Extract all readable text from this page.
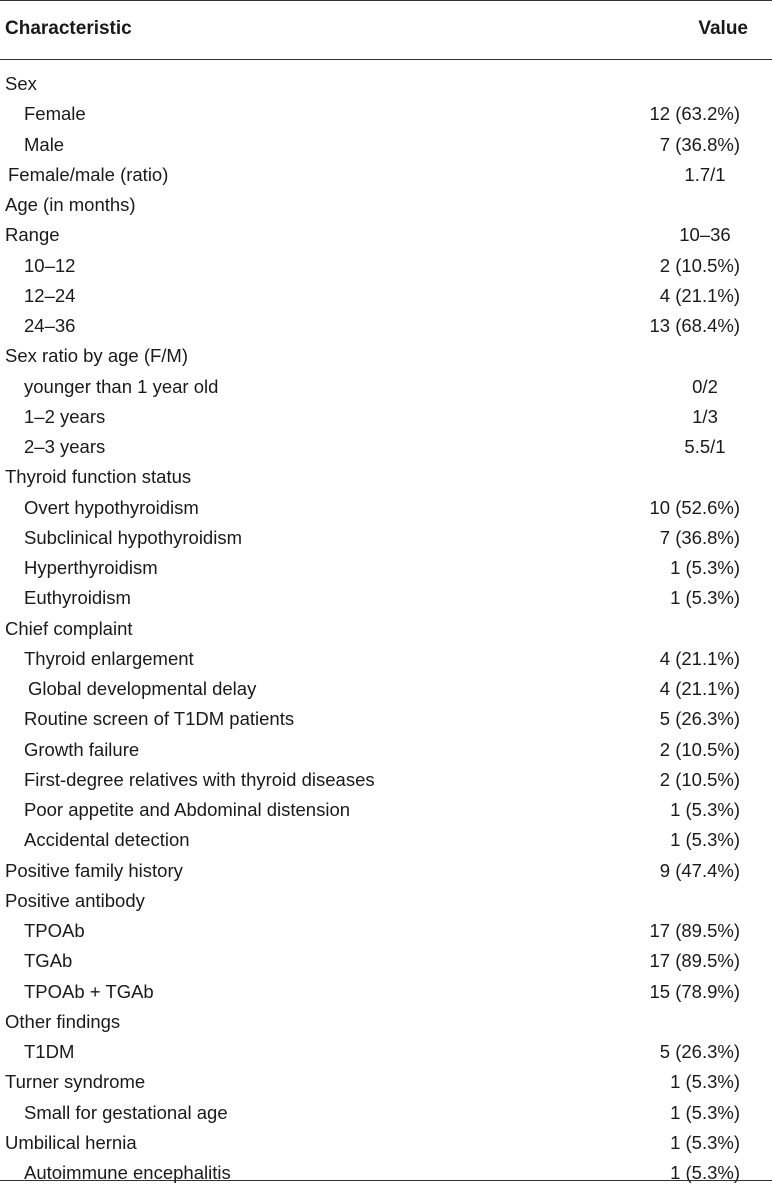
Characteristic	Value
Sex
Female	12 (63.2%)
Male	7 (36.8%)
Female/male (ratio)	1.7/1
Age (in months)
Range	10–36
10–12	2 (10.5%)
12–24	4 (21.1%)
24–36	13 (68.4%)
Sex ratio by age (F/M)
younger than 1 year old	0/2
1–2 years	1/3
2–3 years	5.5/1
Thyroid function status
Overt hypothyroidism	10 (52.6%)
Subclinical hypothyroidism	7 (36.8%)
Hyperthyroidism	1 (5.3%)
Euthyroidism	1 (5.3%)
Chief complaint
Thyroid enlargement	4 (21.1%)
Global developmental delay	4 (21.1%)
Routine screen of T1DM patients	5 (26.3%)
Growth failure	2 (10.5%)
First-degree relatives with thyroid diseases	2 (10.5%)
Poor appetite and Abdominal distension	1 (5.3%)
Accidental detection	1 (5.3%)
Positive family history	9 (47.4%)
Positive antibody
TPOAb	17 (89.5%)
TGAb	17 (89.5%)
TPOAb + TGAb	15 (78.9%)
Other findings
T1DM	5 (26.3%)
Turner syndrome	1 (5.3%)
Small for gestational age	1 (5.3%)
Umbilical hernia	1 (5.3%)
Autoimmune encephalitis	1 (5.3%)
